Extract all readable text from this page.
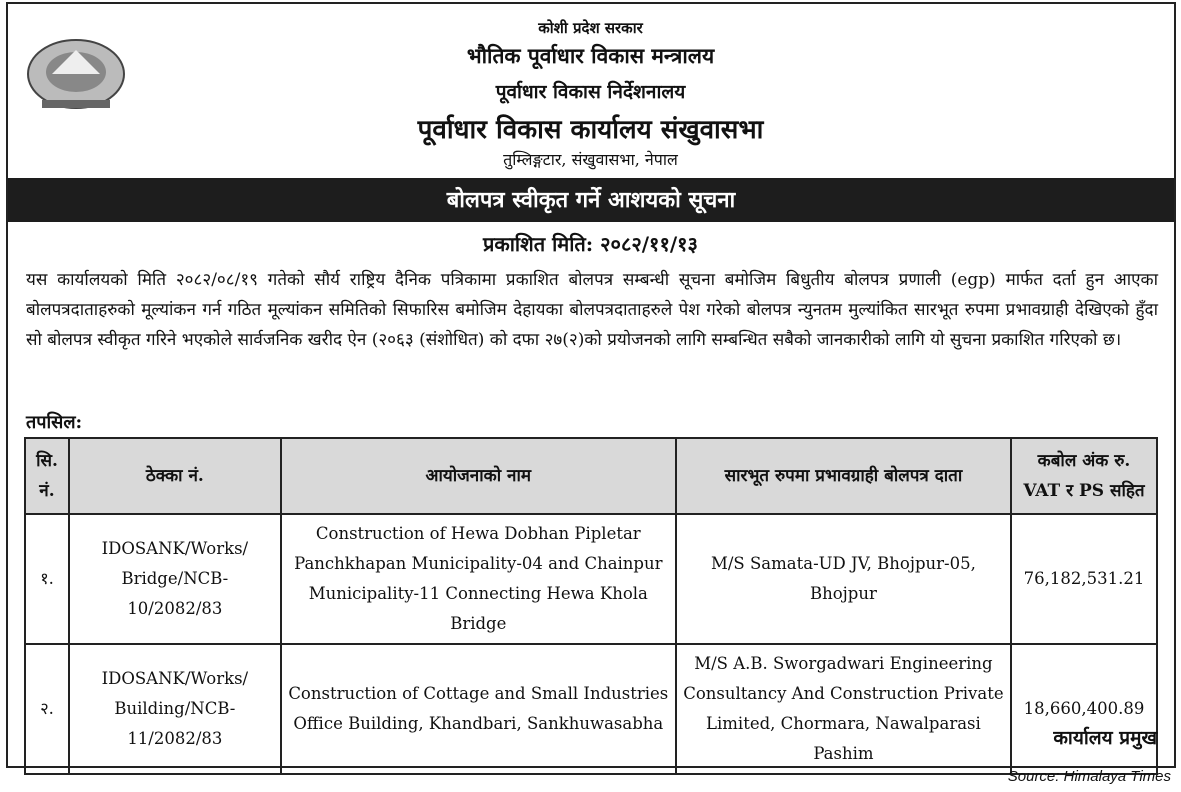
कोशी प्रदेश सरकार
भौतिक पूर्वाधार विकास मन्त्रालय
पूर्वाधार विकास निर्देशनालय
पूर्वाधार विकास कार्यालय संखुवासभा
तुम्लिङ्गटार, संखुवासभा, नेपाल
बोलपत्र स्वीकृत गर्ने आशयको सूचना
प्रकाशित मिति: २०८२/११/१३
यस कार्यालयको मिति २०८२/०८/१९ गतेको सौर्य राष्ट्रिय दैनिक पत्रिकामा प्रकाशित बोलपत्र सम्बन्धी सूचना बमोजिम बिधुतीय बोलपत्र प्रणाली (egp) मार्फत दर्ता हुन आएका बोलपत्रदाताहरुको मूल्यांकन गर्न गठित मूल्यांकन समितिको सिफारिस बमोजिम देहायका बोलपत्रदाताहरुले पेश गरेको बोलपत्र न्युनतम मुल्यांकित सारभूत रुपमा प्रभावग्राही देखिएको हुँदा सो बोलपत्र स्वीकृत गरिने भएकोले सार्वजनिक खरीद ऐन (२०६३ (संशोधित) को दफा २७(२)को प्रयोजनको लागि सम्बन्धित सबैको जानकारीको लागि यो सुचना प्रकाशित गरिएको छ।
तपसिल:
सि. नं.	ठेक्का नं.	आयोजनाको नाम	सारभूत रुपमा प्रभावग्राही बोलपत्र दाता	कबोल अंक रु. VAT र PS सहित
१.	IDOSANK/Works/ Bridge/NCB-10/2082/83	Construction of Hewa Dobhan Pipletar Panchkhapan Municipality-04 and Chainpur Municipality-11 Connecting Hewa Khola Bridge	M/S Samata-UD JV, Bhojpur-05, Bhojpur	76,182,531.21
२.	IDOSANK/Works/ Building/NCB-11/2082/83	Construction of Cottage and Small Industries Office Building, Khandbari, Sankhuwasabha	M/S A.B. Sworgadwari Engineering Consultancy And Construction Private Limited, Chormara, Nawalparasi Pashim	18,660,400.89
कार्यालय प्रमुख
Source: Himalaya Times
